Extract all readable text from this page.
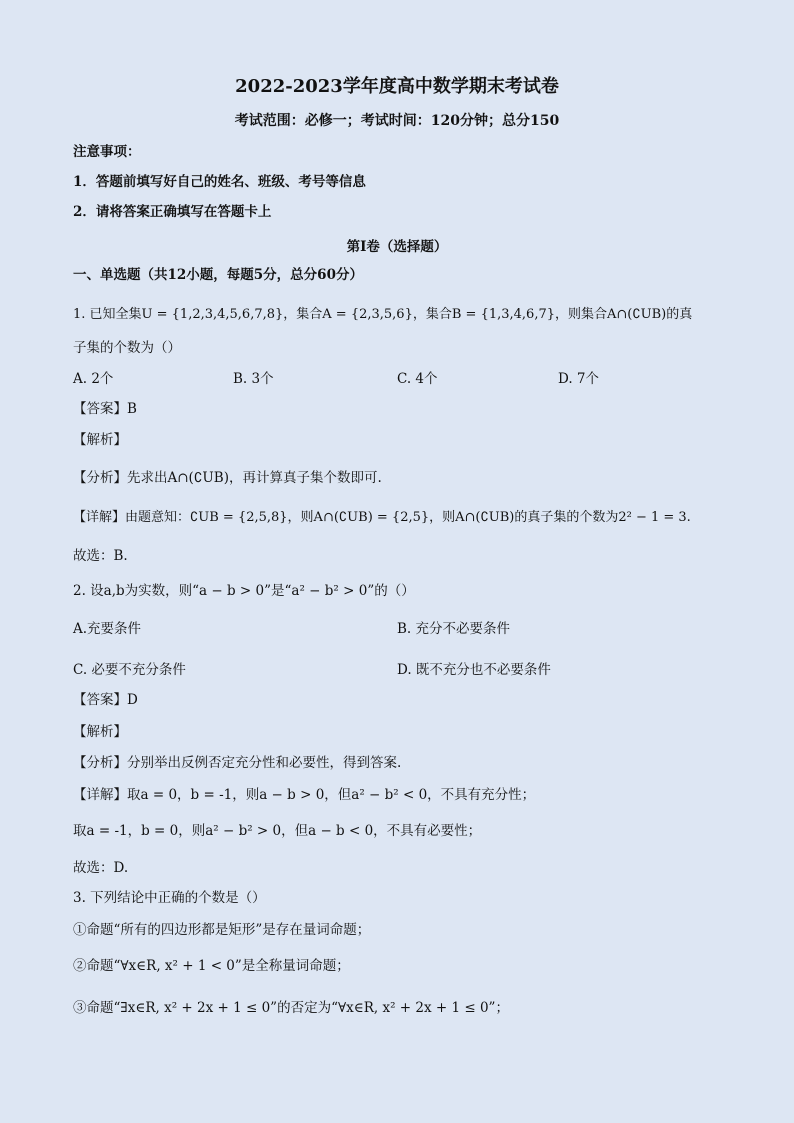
2022-2023学年度高中数学期末考试卷
考试范围：必修一；考试时间：120分钟；总分150
注意事项：
1．答题前填写好自己的姓名、班级、考号等信息
2．请将答案正确填写在答题卡上
第I卷（选择题）
一、单选题（共12小题，每题5分，总分60分）
1. 已知全集U = {1,2,3,4,5,6,7,8}，集合A = {2,3,5,6}，集合B = {1,3,4,6,7}，则集合A∩(∁UB)的真
子集的个数为（）
A. 2个	B. 3个	C. 4个	D. 7个
【答案】B
【解析】
【分析】先求出A∩(∁UB)，再计算真子集个数即可.
【详解】由题意知：∁UB = {2,5,8}，则A∩(∁UB) = {2,5}，则A∩(∁UB)的真子集的个数为2² − 1 = 3.
故选：B.
2. 设a,b为实数，则“a − b > 0”是“a² − b² > 0”的（）
A.充要条件	B. 充分不必要条件
C. 必要不充分条件	D. 既不充分也不必要条件
【答案】D
【解析】
【分析】分别举出反例否定充分性和必要性，得到答案.
【详解】取a = 0，b = -1，则a − b > 0，但a² − b² < 0，不具有充分性；
取a = -1，b = 0，则a² − b² > 0，但a − b < 0，不具有必要性；
故选：D.
3. 下列结论中正确的个数是（）
①命题“所有的四边形都是矩形”是存在量词命题；
②命题“∀x∈R, x² + 1 < 0”是全称量词命题；
③命题“∃x∈R, x² + 2x + 1 ≤ 0”的否定为“∀x∈R, x² + 2x + 1 ≤ 0”；
